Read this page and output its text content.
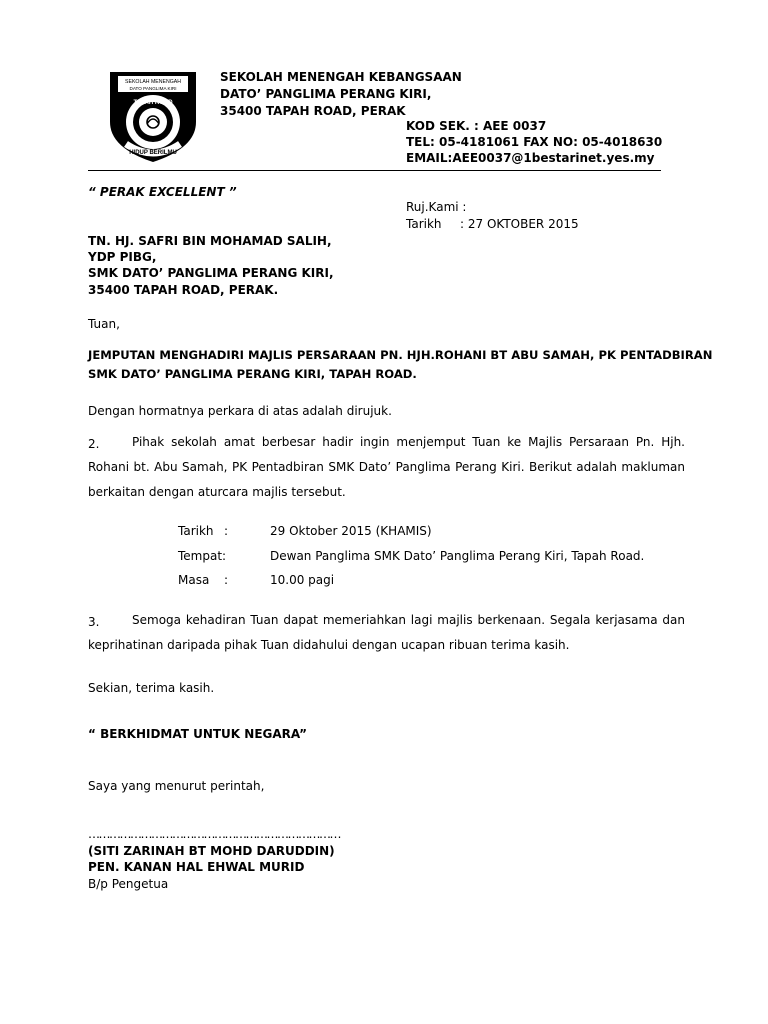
SEKOLAH MENENGAH
DATO PANGLIMA KIRI
TAPAH ROAD
HIDUP BERILMU
SEKOLAH MENENGAH KEBANGSAAN
DATO’ PANGLIMA PERANG KIRI,
35400 TAPAH ROAD, PERAK
KOD SEK. : AEE 0037
TEL: 05-4181061 FAX NO: 05-4018630
EMAIL:AEE0037@1bestarinet.yes.my
“ PERAK EXCELLENT ”
Ruj.Kami :
Tarikh : 27 OKTOBER 2015
TN. HJ. SAFRI BIN MOHAMAD SALIH,
YDP PIBG,
SMK DATO’ PANGLIMA PERANG KIRI,
35400 TAPAH ROAD, PERAK.
Tuan,
JEMPUTAN MENGHADIRI MAJLIS PERSARAAN PN. HJH.ROHANI BT ABU SAMAH, PK PENTADBIRAN
SMK DATO’ PANGLIMA PERANG KIRI, TAPAH ROAD.
Dengan hormatnya perkara di atas adalah dirujuk.
2.	Pihak sekolah amat berbesar hadir ingin menjemput Tuan ke Majlis Persaraan Pn. Hjh. Rohani bt. Abu Samah, PK Pentadbiran SMK Dato’ Panglima Perang Kiri. Berikut adalah makluman berkaitan dengan aturcara majlis tersebut.
Tarikh :	29 Oktober 2015 (KHAMIS)
Tempat:	Dewan Panglima SMK Dato’ Panglima Perang Kiri, Tapah Road.
Masa :	10.00 pagi
3.	Semoga kehadiran Tuan dapat memeriahkan lagi majlis berkenaan. Segala kerjasama dan keprihatinan daripada pihak Tuan didahului dengan ucapan ribuan terima kasih.
Sekian, terima kasih.
“ BERKHIDMAT UNTUK NEGARA”
Saya yang menurut perintah,
………………………………………………………………
(SITI ZARINAH BT MOHD DARUDDIN)
PEN. KANAN HAL EHWAL MURID
B/p Pengetua
